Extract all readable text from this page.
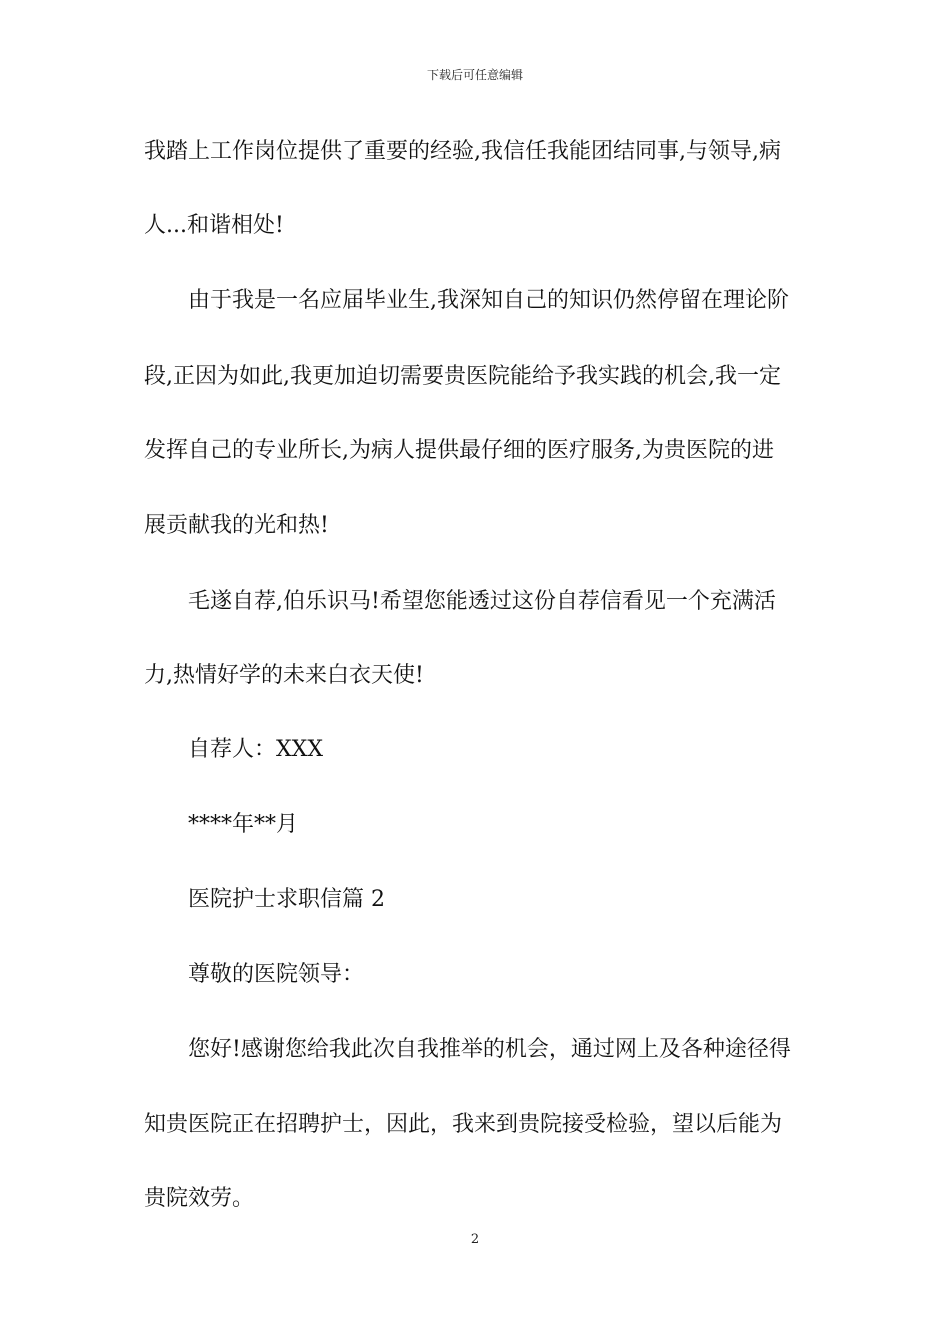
下载后可任意编辑
我踏上工作岗位提供了重要的经验,我信任我能团结同事,与领导,病
人...和谐相处!
由于我是一名应届毕业生,我深知自己的知识仍然停留在理论阶
段,正因为如此,我更加迫切需要贵医院能给予我实践的机会,我一定
发挥自己的专业所长,为病人提供最仔细的医疗服务,为贵医院的进
展贡献我的光和热!
毛遂自荐,伯乐识马!希望您能透过这份自荐信看见一个充满活
力,热情好学的未来白衣天使!
自荐人：XXX
****年**月
医院护士求职信篇 2
尊敬的医院领导：
您好!感谢您给我此次自我推举的机会，通过网上及各种途径得
知贵医院正在招聘护士，因此，我来到贵院接受检验，望以后能为
贵院效劳。
2
